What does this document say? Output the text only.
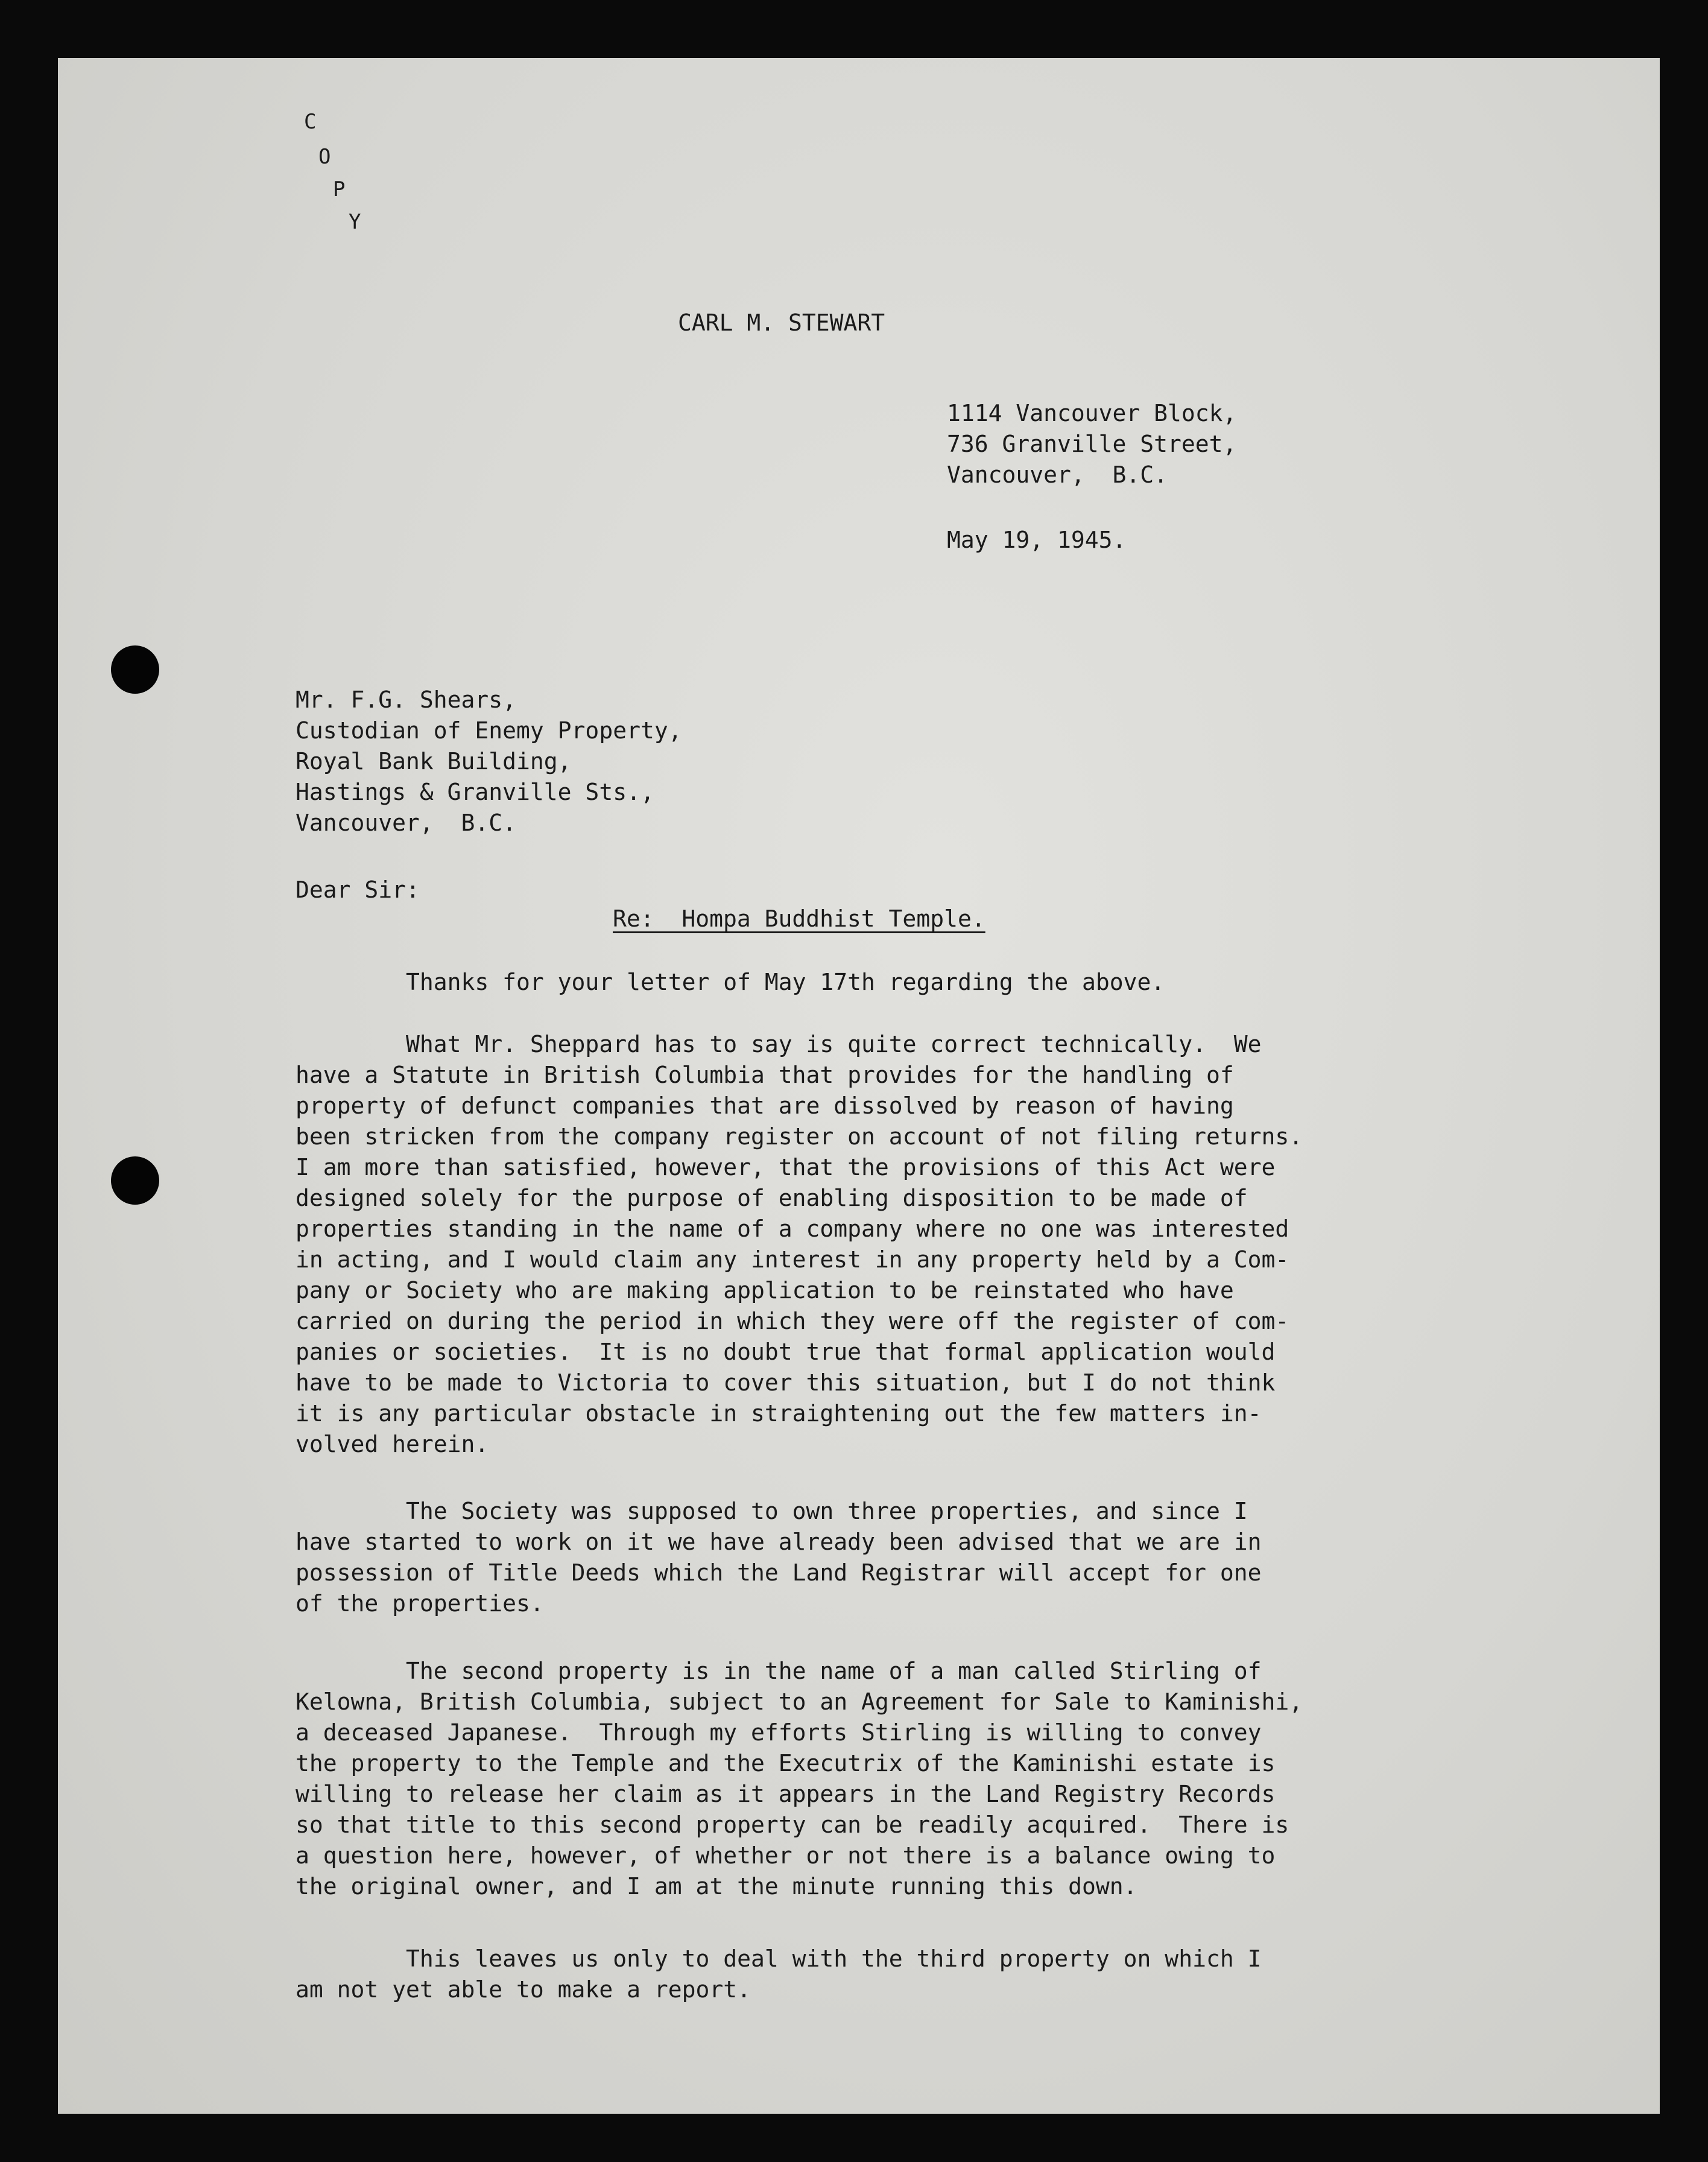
C
O
P
Y
CARL M. STEWART
1114 Vancouver Block,
736 Granville Street,
Vancouver,  B.C.
May 19, 1945.
Mr. F.G. Shears,
Custodian of Enemy Property,
Royal Bank Building,
Hastings & Granville Sts.,
Vancouver,  B.C.
Dear Sir:
Re:  Hompa Buddhist Temple.
Thanks for your letter of May 17th regarding the above.
What Mr. Sheppard has to say is quite correct technically.  We
have a Statute in British Columbia that provides for the handling of
property of defunct companies that are dissolved by reason of having
been stricken from the company register on account of not filing returns.
I am more than satisfied, however, that the provisions of this Act were
designed solely for the purpose of enabling disposition to be made of
properties standing in the name of a company where no one was interested
in acting, and I would claim any interest in any property held by a Com-
pany or Society who are making application to be reinstated who have
carried on during the period in which they were off the register of com-
panies or societies.  It is no doubt true that formal application would
have to be made to Victoria to cover this situation, but I do not think
it is any particular obstacle in straightening out the few matters in-
volved herein.
The Society was supposed to own three properties, and since I
have started to work on it we have already been advised that we are in
possession of Title Deeds which the Land Registrar will accept for one
of the properties.
The second property is in the name of a man called Stirling of
Kelowna, British Columbia, subject to an Agreement for Sale to Kaminishi,
a deceased Japanese.  Through my efforts Stirling is willing to convey
the property to the Temple and the Executrix of the Kaminishi estate is
willing to release her claim as it appears in the Land Registry Records
so that title to this second property can be readily acquired.  There is
a question here, however, of whether or not there is a balance owing to
the original owner, and I am at the minute running this down.
This leaves us only to deal with the third property on which I
am not yet able to make a report.
